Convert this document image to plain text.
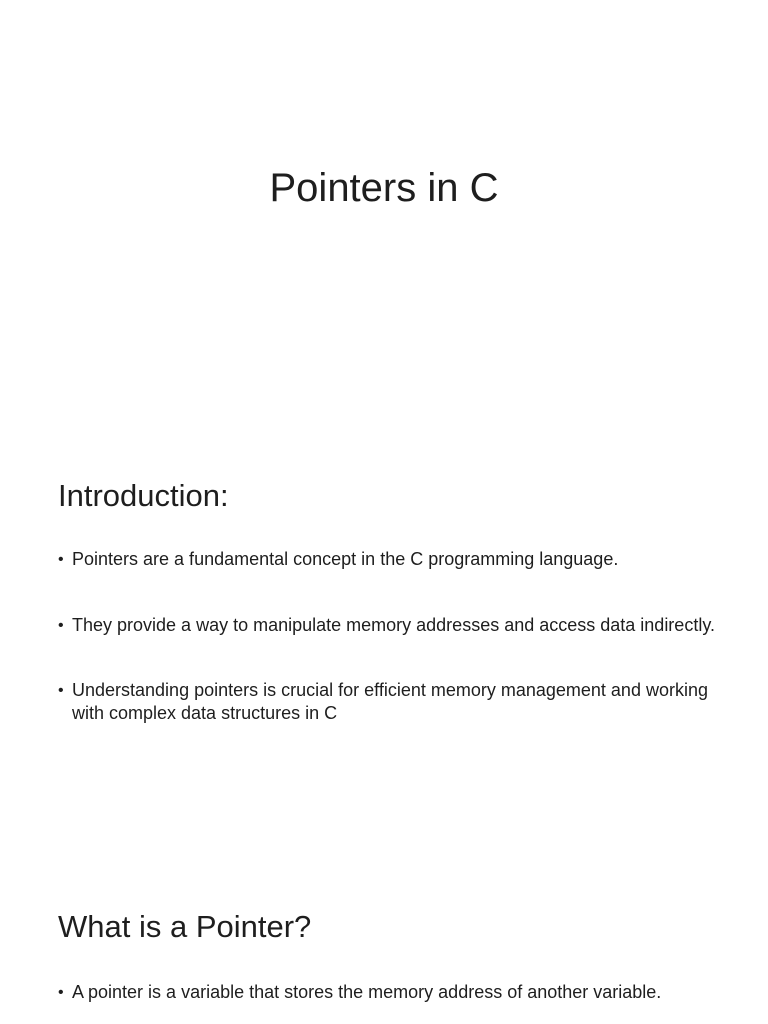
Pointers in C
Introduction:
• Pointers are a fundamental concept in the C programming language.
• They provide a way to manipulate memory addresses and access data indirectly.
• Understanding pointers is crucial for efficient memory management and working with complex data structures in C
What is a Pointer?
• A pointer is a variable that stores the memory address of another variable.
